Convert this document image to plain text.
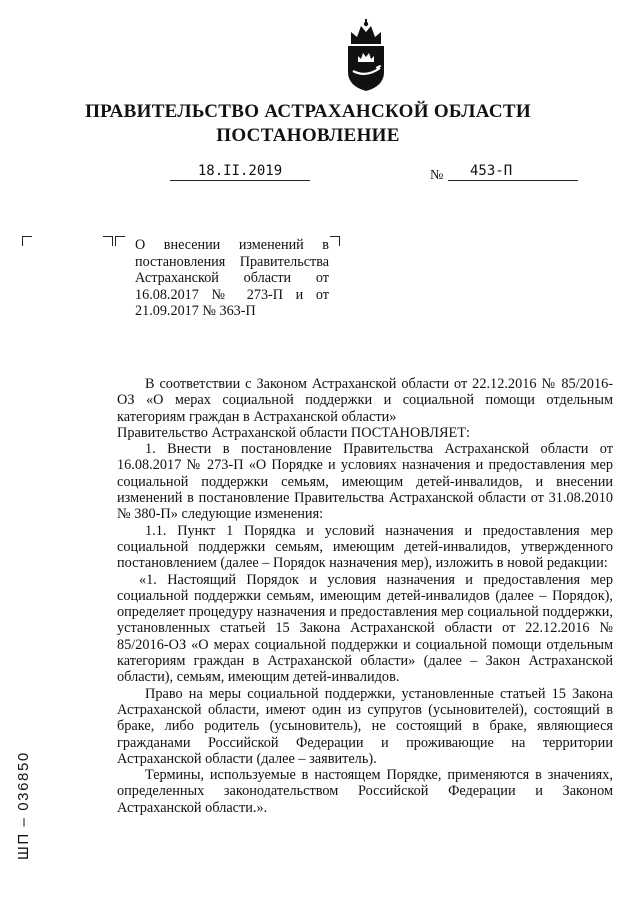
ПРАВИТЕЛЬСТВО АСТРАХАНСКОЙ ОБЛАСТИ
ПОСТАНОВЛЕНИЕ
18.II.2019	№	453-П
О внесении изменений в постановления Правительства Астраханской области от 16.08.2017 № 273-П и от 21.09.2017 № 363-П

В соответствии с Законом Астраханской области от 22.12.2016 № 85/2016-ОЗ «О мерах социальной поддержки и социальной помощи отдельным категориям граждан в Астраханской области»

Правительство Астраханской области ПОСТАНОВЛЯЕТ:

1. Внести в постановление Правительства Астраханской области от 16.08.2017 № 273-П «О Порядке и условиях назначения и предоставления мер социальной поддержки семьям, имеющим детей-инвалидов, и внесении изменений в постановление Правительства Астраханской области от 31.08.2010 № 380-П» следующие изменения:

1.1. Пункт 1 Порядка и условий назначения и предоставления мер социальной поддержки семьям, имеющим детей-инвалидов, утвержденного постановлением (далее – Порядок назначения мер), изложить в новой редакции:

«1. Настоящий Порядок и условия назначения и предоставления мер социальной поддержки семьям, имеющим детей-инвалидов (далее – Порядок), определяет процедуру назначения и предоставления мер социальной поддержки, установленных статьей 15 Закона Астраханской области от 22.12.2016 № 85/2016-ОЗ «О мерах социальной поддержки и социальной помощи отдельным категориям граждан в Астраханской области» (далее – Закон Астраханской области), семьям, имеющим детей-инвалидов.

Право на меры социальной поддержки, установленные статьей 15 Закона Астраханской области, имеют один из супругов (усыновителей), состоящий в браке, либо родитель (усыновитель), не состоящий в браке, являющиеся гражданами Российской Федерации и проживающие на территории Астраханской области (далее – заявитель).

Термины, используемые в настоящем Порядке, применяются в значениях, определенных законодательством Российской Федерации и Законом Астраханской области.».

ШП – 036850
